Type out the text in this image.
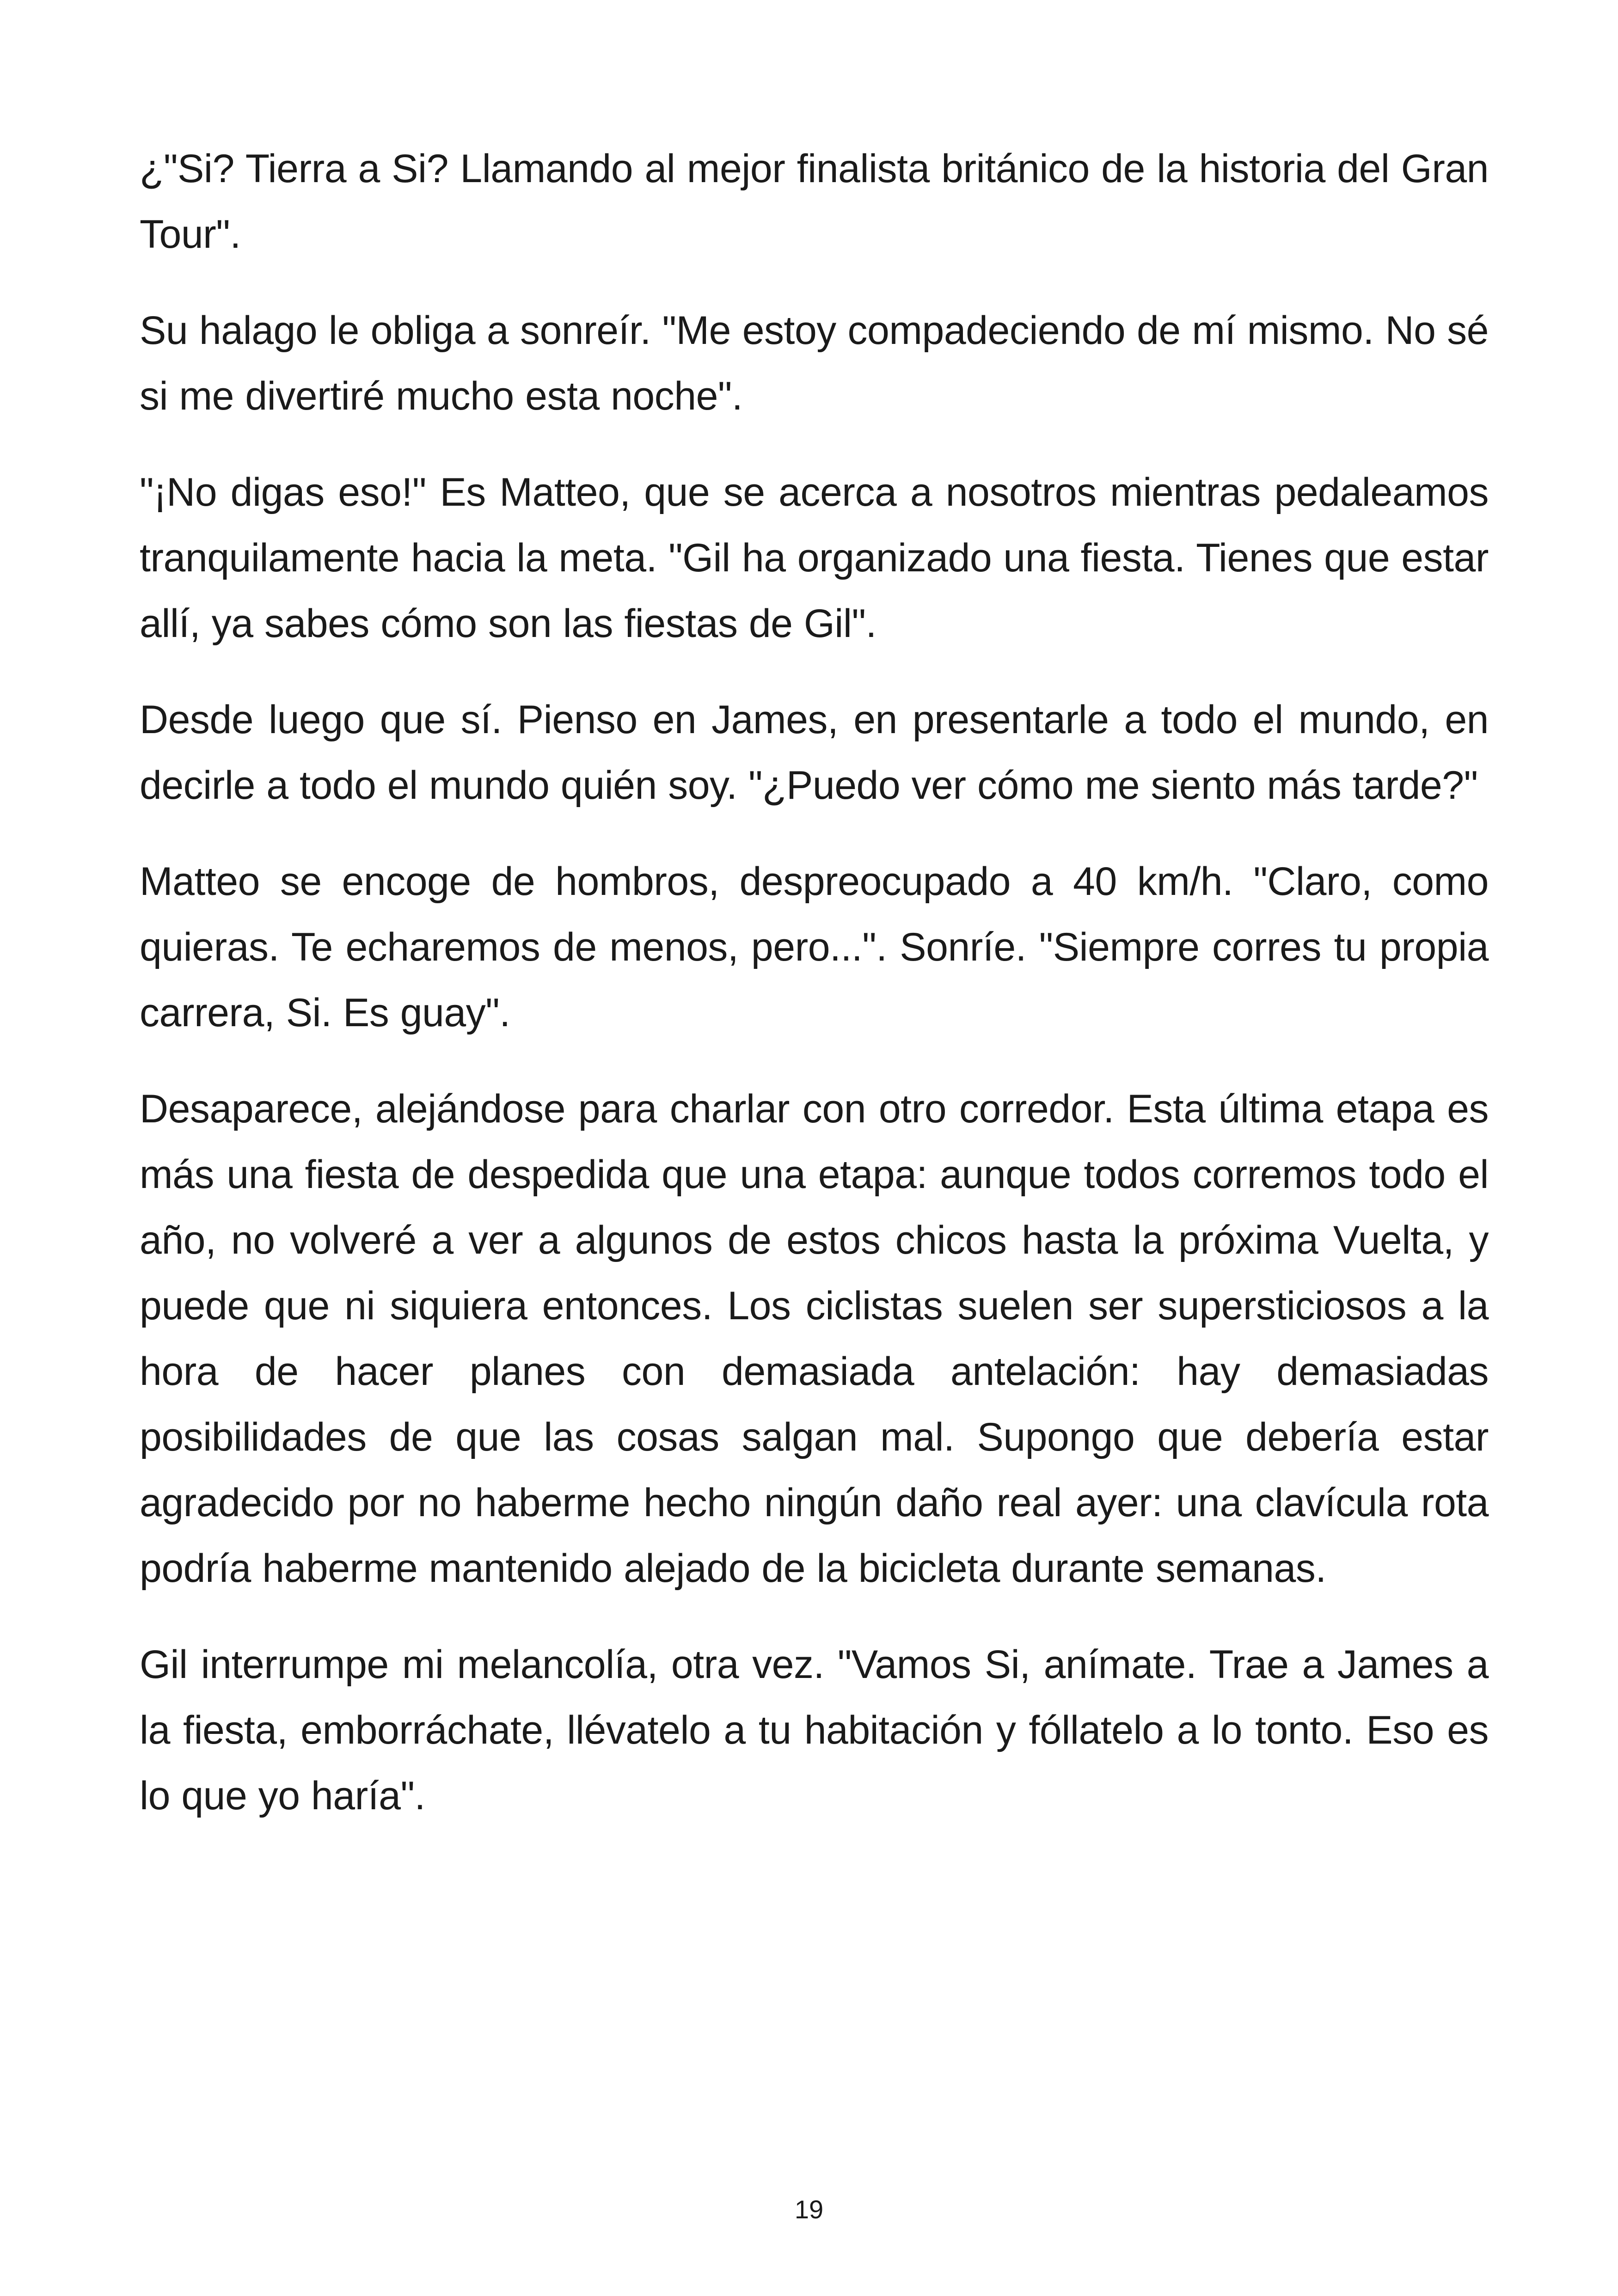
¿"Si? Tierra a Si? Llamando al mejor finalista británico de la historia del Gran Tour".

Su halago le obliga a sonreír. "Me estoy compadeciendo de mí mismo. No sé si me divertiré mucho esta noche".

"¡No digas eso!" Es Matteo, que se acerca a nosotros mientras pedaleamos tranquilamente hacia la meta. "Gil ha organizado una fiesta. Tienes que estar allí, ya sabes cómo son las fiestas de Gil".

Desde luego que sí. Pienso en James, en presentarle a todo el mundo, en decirle a todo el mundo quién soy. "¿Puedo ver cómo me siento más tarde?"

Matteo se encoge de hombros, despreocupado a 40 km/h. "Claro, como quieras. Te echaremos de menos, pero...". Sonríe. "Siempre corres tu propia carrera, Si. Es guay".

Desaparece, alejándose para charlar con otro corredor. Esta última etapa es más una fiesta de despedida que una etapa: aunque todos corremos todo el año, no volveré a ver a algunos de estos chicos hasta la próxima Vuelta, y puede que ni siquiera entonces. Los ciclistas suelen ser supersticiosos a la hora de hacer planes con demasiada antelación: hay demasiadas posibilidades de que las cosas salgan mal. Supongo que debería estar agradecido por no haberme hecho ningún daño real ayer: una clavícula rota podría haberme mantenido alejado de la bicicleta durante semanas.

Gil interrumpe mi melancolía, otra vez. "Vamos Si, anímate. Trae a James a la fiesta, emborráchate, llévatelo a tu habitación y fóllatelo a lo tonto. Eso es lo que yo haría".

19
